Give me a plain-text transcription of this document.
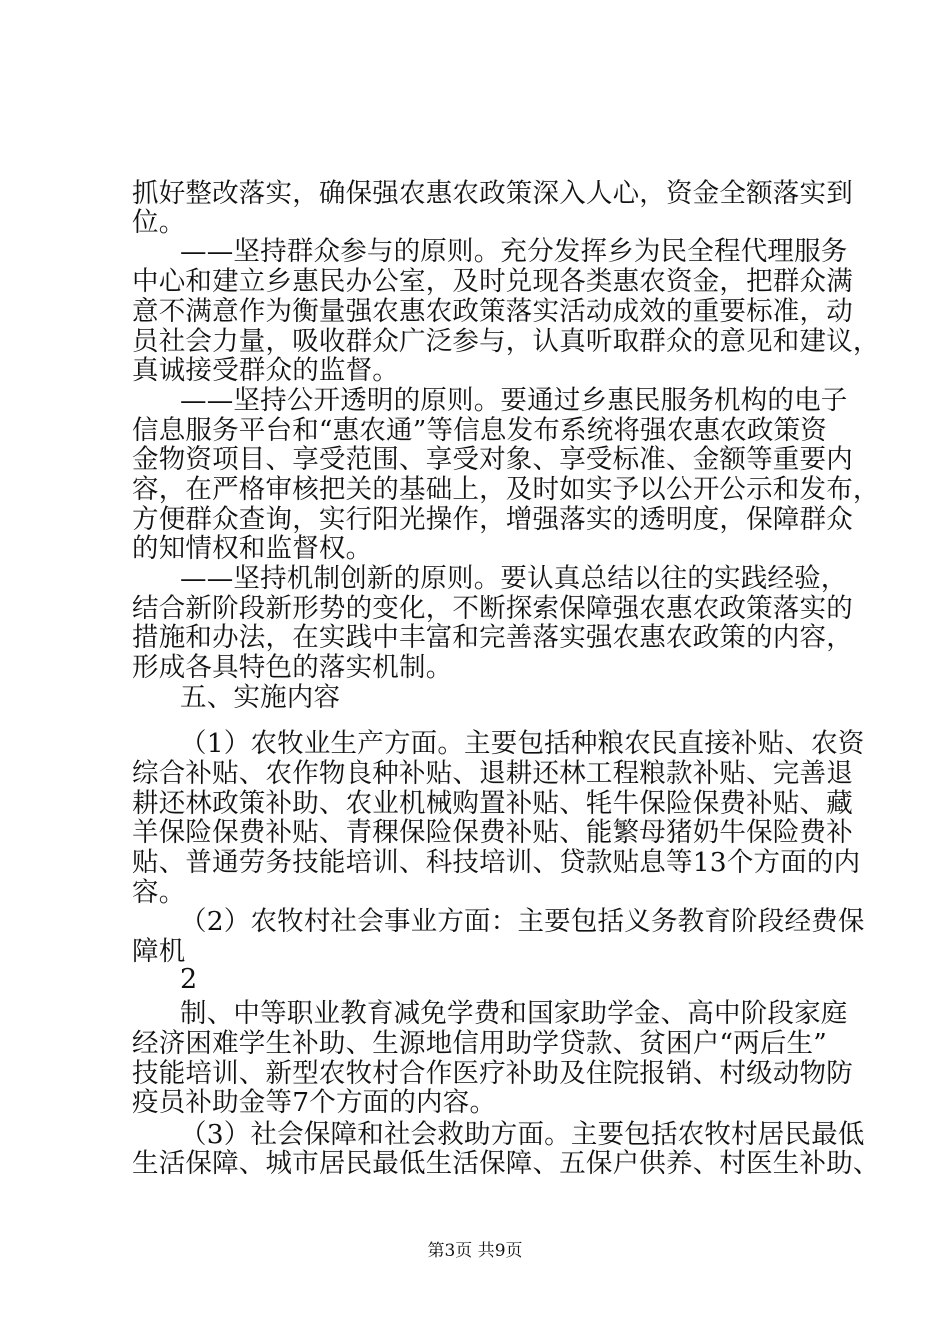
抓好整改落实，确保强农惠农政策深入人心，资金全额落实到
位。
——坚持群众参与的原则。充分发挥乡为民全程代理服务
中心和建立乡惠民办公室，及时兑现各类惠农资金，把群众满
意不满意作为衡量强农惠农政策落实活动成效的重要标准，动
员社会力量，吸收群众广泛参与，认真听取群众的意见和建议，
真诚接受群众的监督。
——坚持公开透明的原则。要通过乡惠民服务机构的电子
信息服务平台和“惠农通”等信息发布系统将强农惠农政策资
金物资项目、享受范围、享受对象、享受标准、金额等重要内
容，在严格审核把关的基础上，及时如实予以公开公示和发布，
方便群众查询，实行阳光操作，增强落实的透明度，保障群众
的知情权和监督权。
——坚持机制创新的原则。要认真总结以往的实践经验，
结合新阶段新形势的变化，不断探索保障强农惠农政策落实的
措施和办法，在实践中丰富和完善落实强农惠农政策的内容，
形成各具特色的落实机制。
五、实施内容
（1）农牧业生产方面。主要包括种粮农民直接补贴、农资
综合补贴、农作物良种补贴、退耕还林工程粮款补贴、完善退
耕还林政策补助、农业机械购置补贴、牦牛保险保费补贴、藏
羊保险保费补贴、青稞保险保费补贴、能繁母猪奶牛保险费补
贴、普通劳务技能培训、科技培训、贷款贴息等13个方面的内
容。
（2）农牧村社会事业方面：主要包括义务教育阶段经费保
障机
2
制、中等职业教育减免学费和国家助学金、高中阶段家庭
经济困难学生补助、生源地信用助学贷款、贫困户“两后生”
技能培训、新型农牧村合作医疗补助及住院报销、村级动物防
疫员补助金等7个方面的内容。
（3）社会保障和社会救助方面。主要包括农牧村居民最低
生活保障、城市居民最低生活保障、五保户供养、村医生补助、
第3页 共9页
